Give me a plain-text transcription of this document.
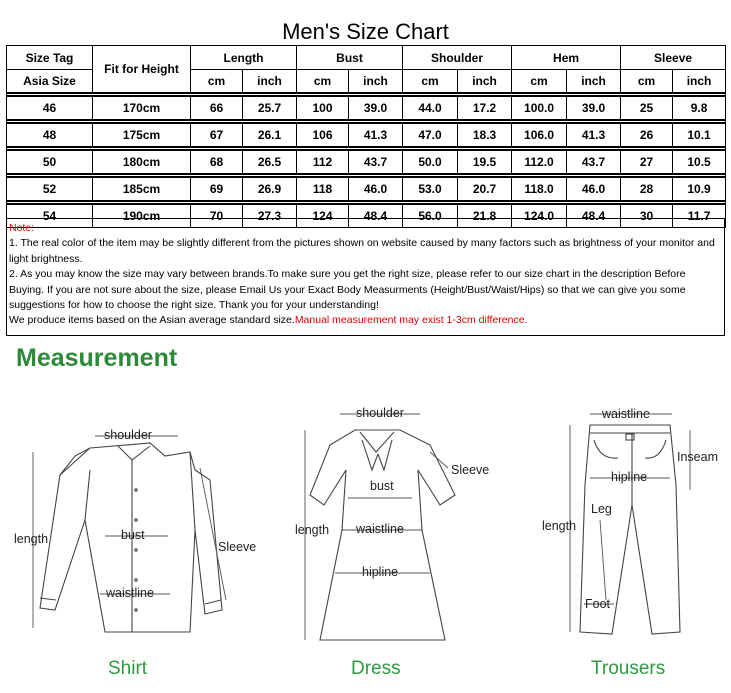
Men's Size Chart
Size Tag	Fit for Height	Length		Bust		Shoulder		Hem		Sleeve	
Asia Size		cm	inch	cm	inch	cm	inch	cm	inch	cm	inch

46	170cm	66	25.7	100	39.0	44.0	17.2	100.0	39.0	25	9.8

48	175cm	67	26.1	106	41.3	47.0	18.3	106.0	41.3	26	10.1

50	180cm	68	26.5	112	43.7	50.0	19.5	112.0	43.7	27	10.5

52	185cm	69	26.9	118	46.0	53.0	20.7	118.0	46.0	28	10.9

54	190cm	70	27.3	124	48.4	56.0	21.8	124.0	48.4	30	11.7
Note:
1. The real color of the item may be slightly different from the pictures shown on website caused by many factors such as brightness of your monitor and light brightness.
2. As you may know the size may vary between brands.To make sure you get the right size, please refer to our size chart in the description Before Buying. If you are not sure about the size, please Email Us your Exact Body Measurments (Height/Bust/Waist/Hips) so that we can give you some suggestions for how to choose the right size. Thank you for your understanding!
We produce items based on the Asian average standard size.Manual measurement may exist 1-3cm difference.
Measurement
shoulder
length	bust
Sleeve
waistline
Shirt
shoulder
Sleeve
bust
length waistline
hipline
Dress
waistline
Inseam
hipline
Leg
length
Foot
Trousers
